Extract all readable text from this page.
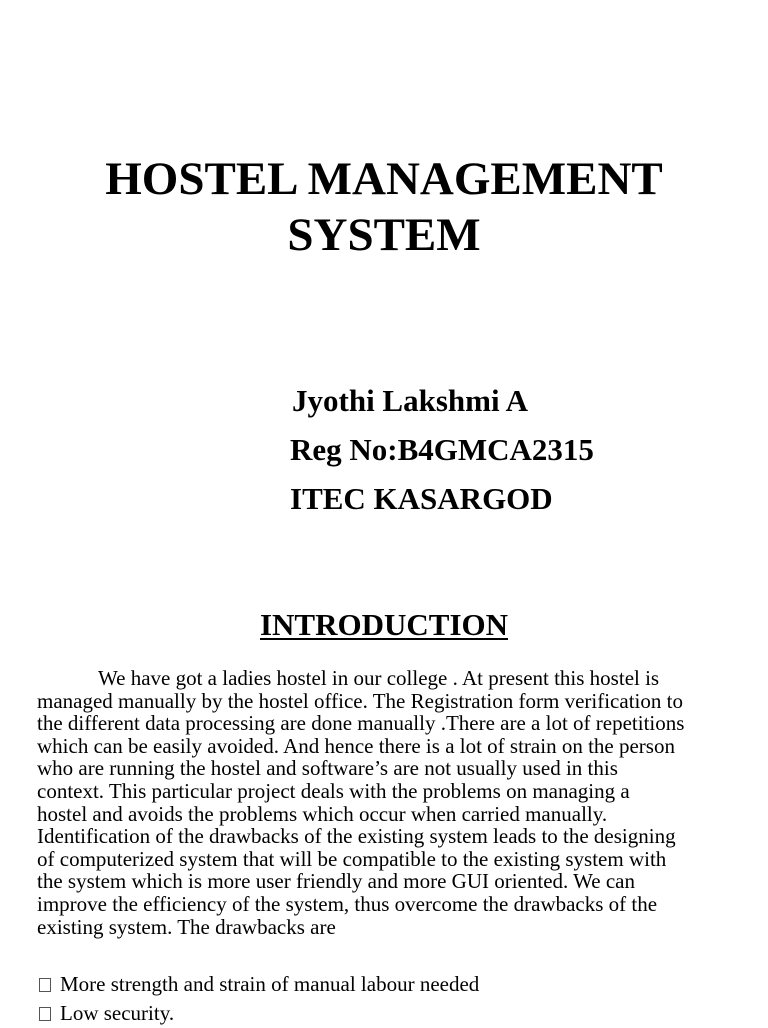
HOSTEL MANAGEMENT
SYSTEM
Jyothi Lakshmi A
Reg No:B4GMCA2315
ITEC KASARGOD
INTRODUCTION
We have got a ladies hostel in our college . At present this hostel is
managed manually by the hostel office. The Registration form verification to
the different data processing are done manually .There are a lot of repetitions
which can be easily avoided. And hence there is a lot of strain on the person
who are running the hostel and software’s are not usually used in this
context. This particular project deals with the problems on managing a
hostel and avoids the problems which occur when carried manually.
Identification of the drawbacks of the existing system leads to the designing
of computerized system that will be compatible to the existing system with
the system which is more user friendly and more GUI oriented. We can
improve the efficiency of the system, thus overcome the drawbacks of the
existing system. The drawbacks are
More strength and strain of manual labour needed
Low security.
